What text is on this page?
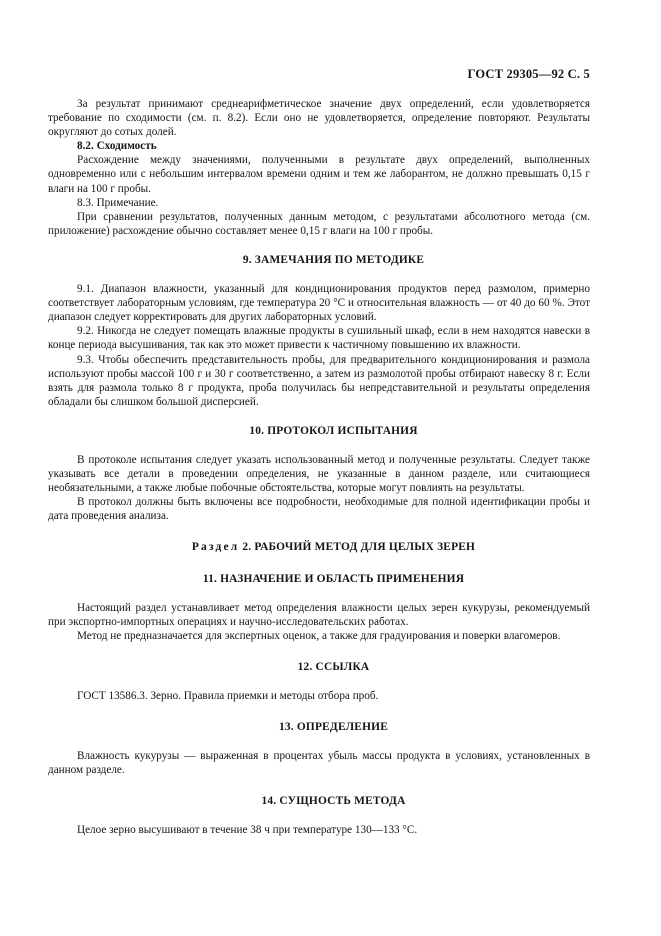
ГОСТ 29305—92 С. 5

За результат принимают среднеарифметическое значение двух определений, если удовлетворяется требование по сходимости (см. п. 8.2). Если оно не удовлетворяется, определение повторяют. Результаты округляют до сотых долей.

8.2. Сходимость

Расхождение между значениями, полученными в результате двух определений, выполненных одновременно или с небольшим интервалом времени одним и тем же лаборантом, не должно превышать 0,15 г влаги на 100 г пробы.

8.3. Примечание.

При сравнении результатов, полученных данным методом, с результатами абсолютного метода (см. приложение) расхождение обычно составляет менее 0,15 г влаги на 100 г пробы.

9. ЗАМЕЧАНИЯ ПО МЕТОДИКЕ

9.1. Диапазон влажности, указанный для кондиционирования продуктов перед размолом, примерно соответствует лабораторным условиям, где температура 20 °С и относительная влажность — от 40 до 60 %. Этот диапазон следует корректировать для других лабораторных условий.

9.2. Никогда не следует помещать влажные продукты в сушильный шкаф, если в нем находятся навески в конце периода высушивания, так как это может привести к частичному повышению их влажности.

9.3. Чтобы обеспечить представительность пробы, для предварительного кондиционирования и размола используют пробы массой 100 г и 30 г соответственно, а затем из размолотой пробы отбирают навеску 8 г. Если взять для размола только 8 г продукта, проба получилась бы непредставительной и результаты определения обладали бы слишком большой дисперсией.

10. ПРОТОКОЛ ИСПЫТАНИЯ

В протоколе испытания следует указать использованный метод и полученные результаты. Следует также указывать все детали в проведении определения, не указанные в данном разделе, или считающиеся необязательными, а также любые побочные обстоятельства, которые могут повлиять на результаты.

В протокол должны быть включены все подробности, необходимые для полной идентификации пробы и дата проведения анализа.

Раздел 2. РАБОЧИЙ МЕТОД ДЛЯ ЦЕЛЫХ ЗЕРЕН

11. НАЗНАЧЕНИЕ И ОБЛАСТЬ ПРИМЕНЕНИЯ

Настоящий раздел устанавливает метод определения влажности целых зерен кукурузы, рекомендуемый при экспортно-импортных операциях и научно-исследовательских работах.

Метод не предназначается для экспертных оценок, а также для градуирования и поверки влагомеров.

12. ССЫЛКА

ГОСТ 13586.3. Зерно. Правила приемки и методы отбора проб.

13. ОПРЕДЕЛЕНИЕ

Влажность кукурузы — выраженная в процентах убыль массы продукта в условиях, установленных в данном разделе.

14. СУЩНОСТЬ МЕТОДА

Целое зерно высушивают в течение 38 ч при температуре 130—133 °С.
